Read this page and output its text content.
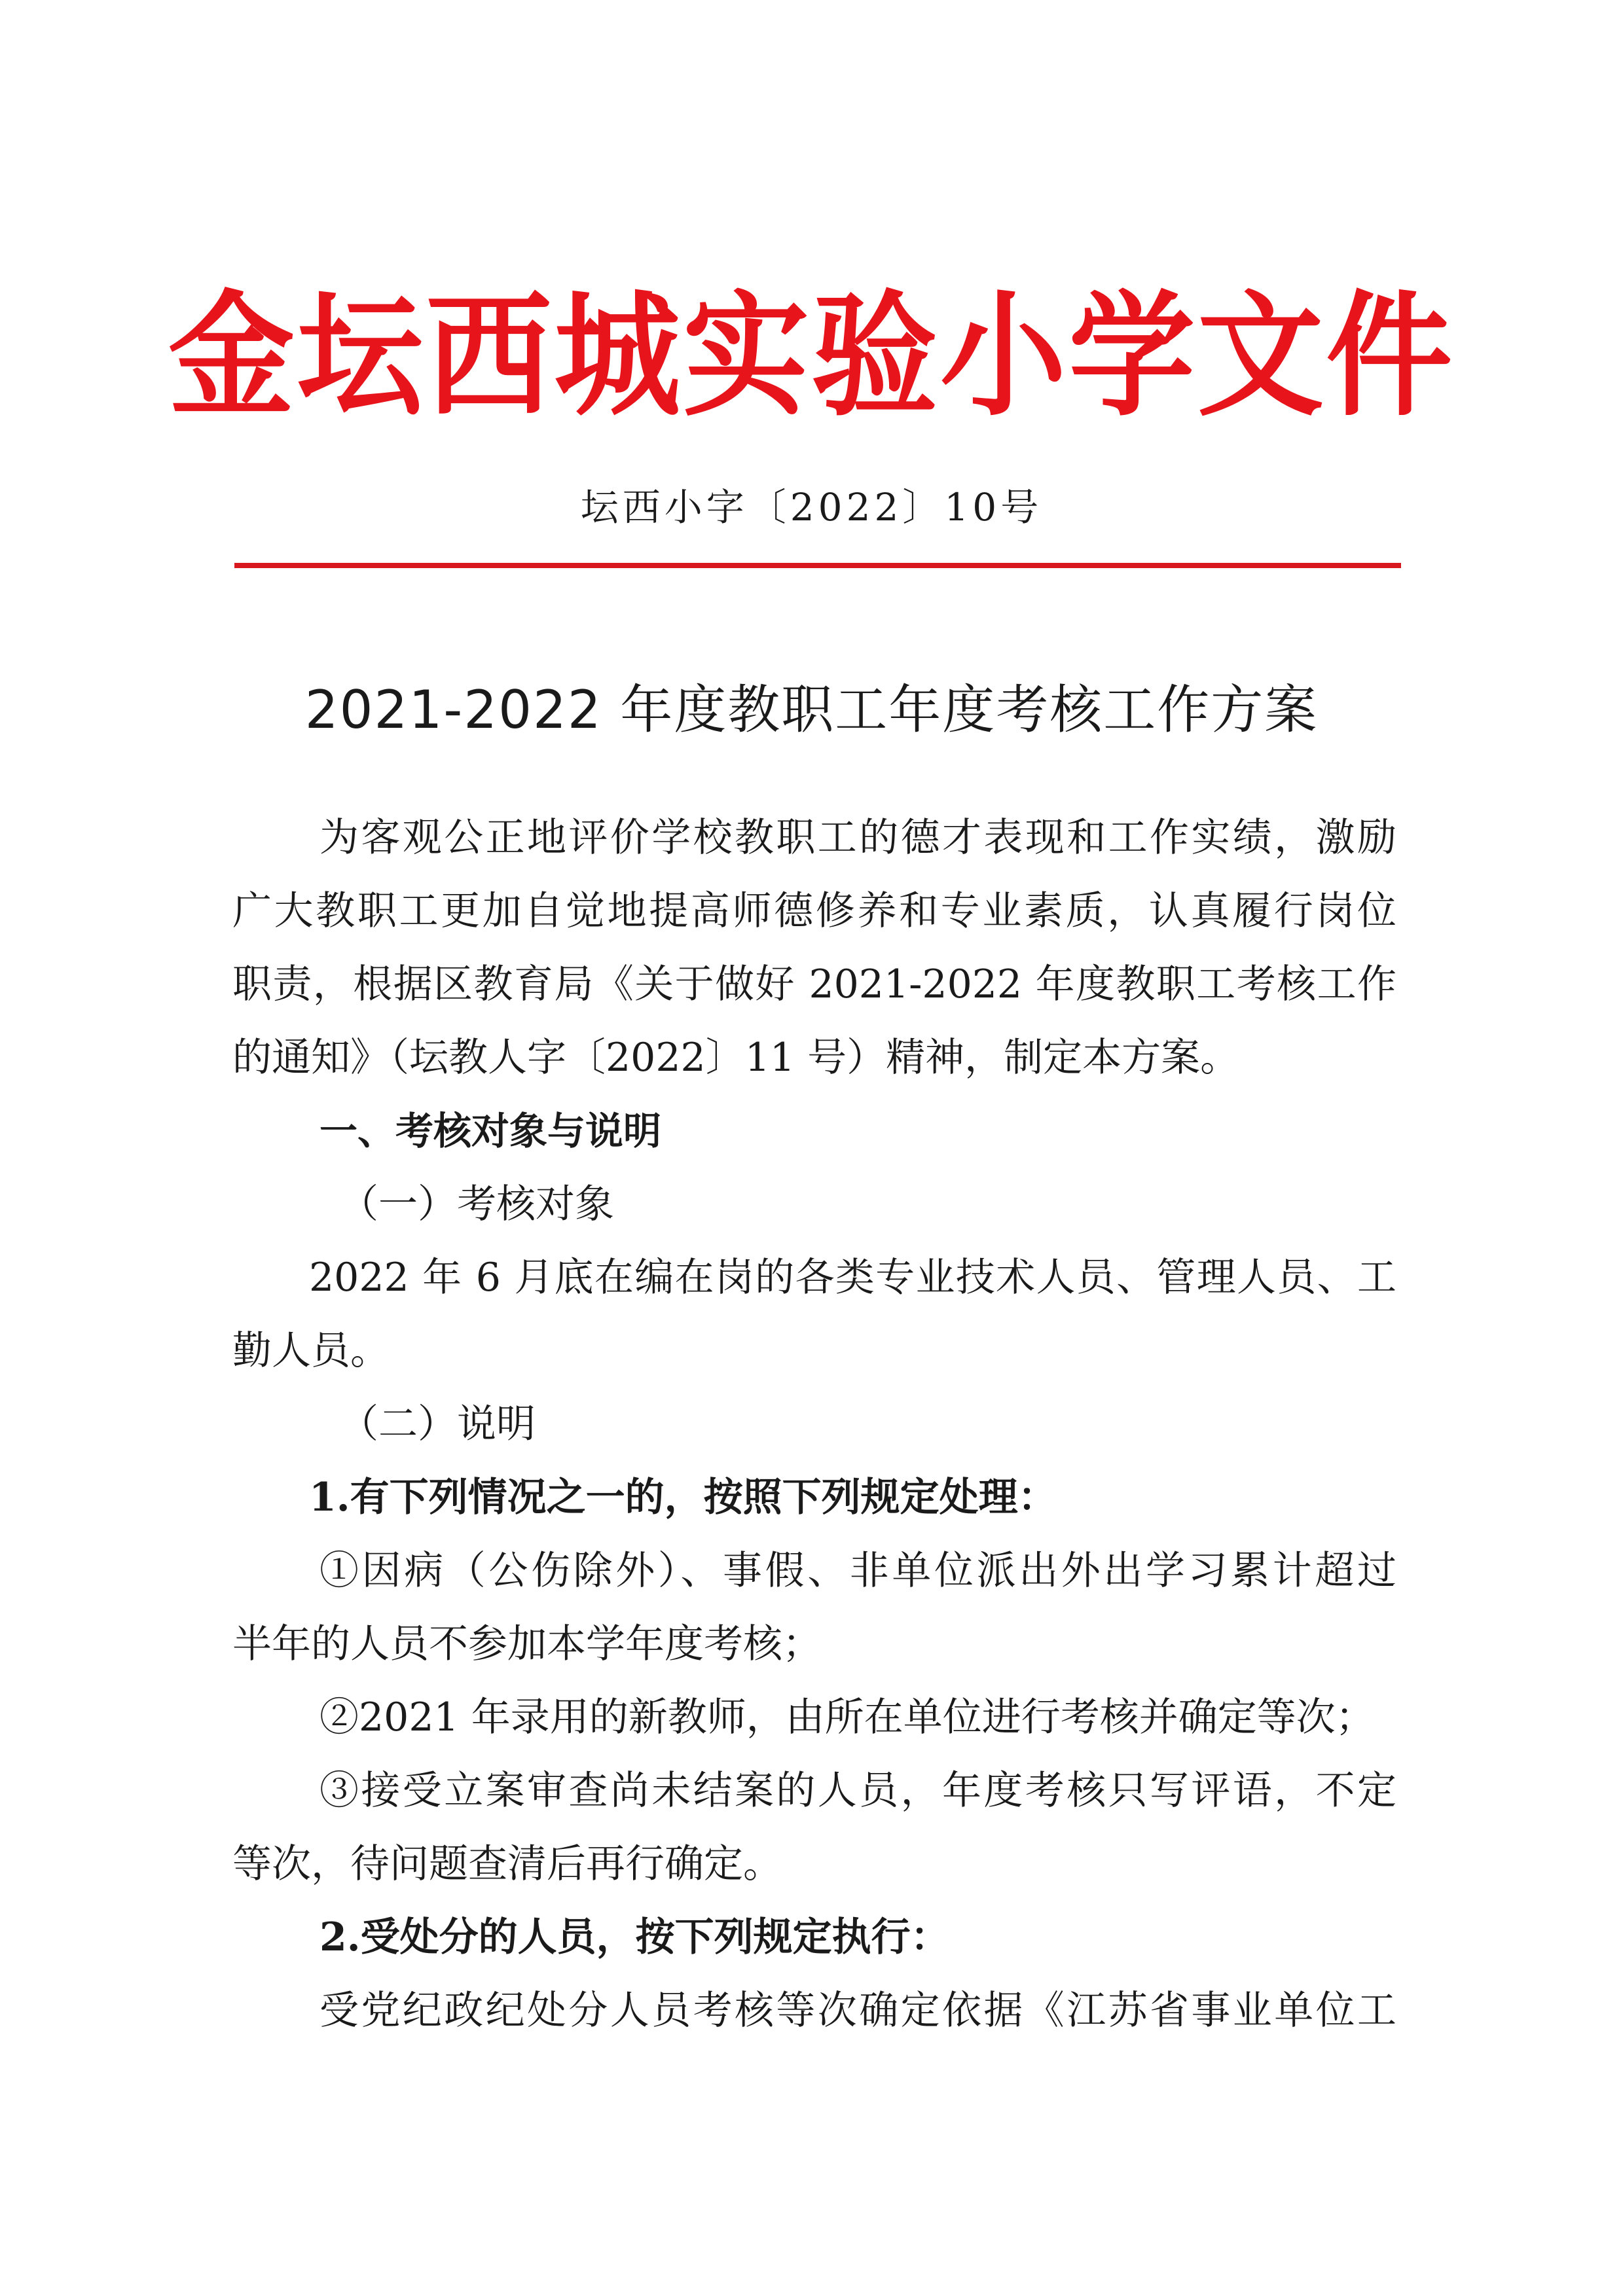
金坛西城实验小学文件
坛西小字〔2022〕10号
2021-2022 年度教职工年度考核工作方案
为客观公正地评价学校教职工的德才表现和工作实绩，激励
广大教职工更加自觉地提高师德修养和专业素质，认真履行岗位
职责，根据区教育局《关于做好 2021-2022 年度教职工考核工作
的通知》（坛教人字〔2022〕11 号）精神，制定本方案。
一、考核对象与说明
（一）考核对象
2022 年 6 月底在编在岗的各类专业技术人员、管理人员、工
勤人员。
（二）说明
1.有下列情况之一的，按照下列规定处理：
①因病（公伤除外）、事假、非单位派出外出学习累计超过
半年的人员不参加本学年度考核；
②2021 年录用的新教师，由所在单位进行考核并确定等次；
③接受立案审查尚未结案的人员，年度考核只写评语，不定
等次，待问题查清后再行确定。
2.受处分的人员，按下列规定执行：
受党纪政纪处分人员考核等次确定依据《江苏省事业单位工
